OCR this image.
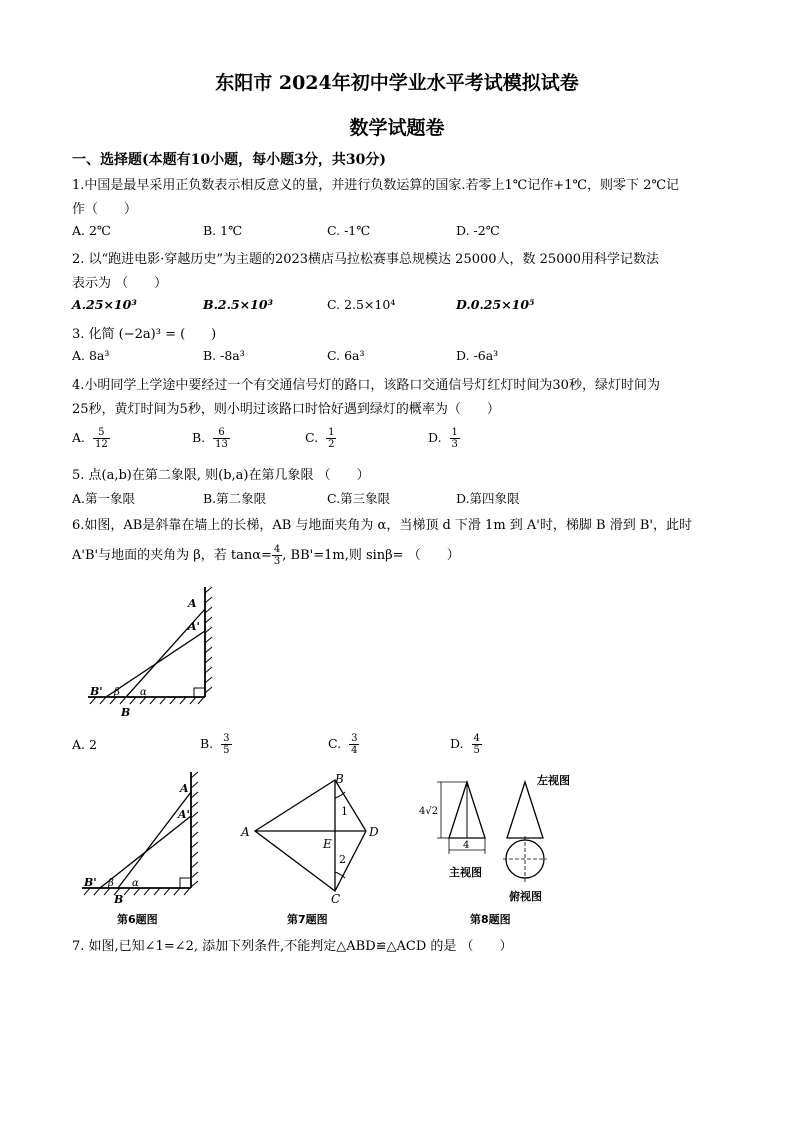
东阳市 2024年初中学业水平考试模拟试卷
数学试题卷
一、选择题(本题有10小题，每小题3分，共30分)
1.中国是最早采用正负数表示相反意义的量，并进行负数运算的国家.若零上1℃记作+1℃，则零下 2℃记
作（　　）
A. 2℃	B. 1℃	C. -1℃	D. -2℃
2. 以“跑进电影·穿越历史”为主题的2023横店马拉松赛事总规模达 25000人，数 25000用科学记数法
表示为 （　　）
A.25×10³	B.2.5×10³	C. 2.5×10⁴	D.0.25×10⁵
3. 化简 (−2a)³ = (　　)
A. 8a³	B. -8a³	C. 6a³	D. -6a³
4.小明同学上学途中要经过一个有交通信号灯的路口，该路口交通信号灯红灯时间为30秒，绿灯时间为
25秒，黄灯时间为5秒，则小明过该路口时恰好遇到绿灯的概率为（　　）
A. $\frac{5}{12}$	B. $\frac{6}{13}$	C. $\frac{1}{2}$	D. $\frac{1}{3}$
5. 点(a,b)在第二象限, 则(b,a)在第几象限 （　　）
A.第一象限	B.第二象限	C.第三象限	D.第四象限
6.如图，AB是斜靠在墙上的长梯，AB 与地面夹角为 α，当梯顶 d 下滑 1m 到 A'时，梯脚 B 滑到 B'，此时
A'B'与地面的夹角为 β，若 $\tan\alpha= \frac{4}{3}$ , BB'=1m,则 sinβ= （　　）
A
A'
B' β α
B
A. 2	B. $\frac{3}{5}$	C. $\frac{3}{4}$	D. $\frac{4}{5}$
A
A'
B' β α
B
第6题图
B
A	D
E
C
1
2
第7题图
4√2
4
主视图
左视图
俯视图
第8题图
7. 如图,已知∠1=∠2, 添加下列条件,不能判定△ABD≌△ACD 的是 （　　）
